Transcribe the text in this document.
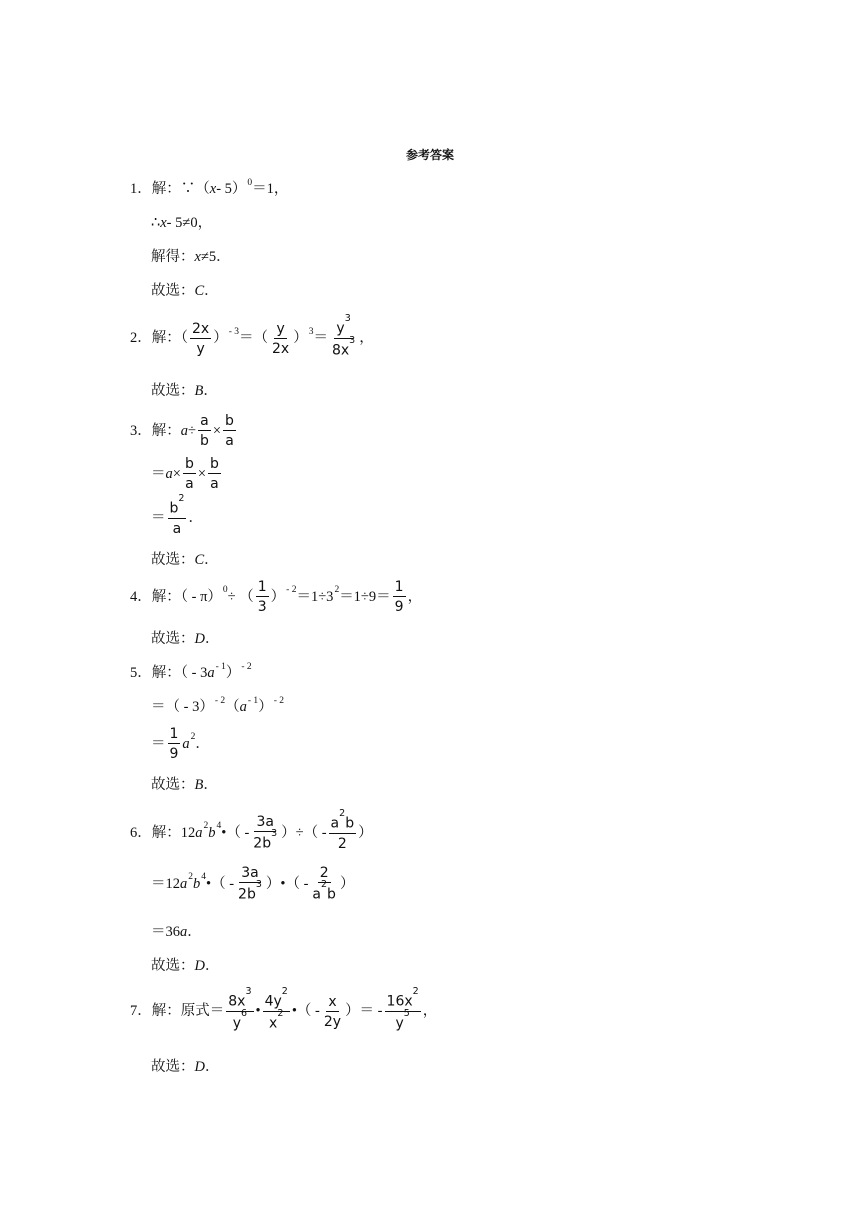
参考答案
1． 解：∵（ x - 5）$^0$ ＝1，
∴ x - 5≠0，
解得： x ≠5．
故选： C ．
2． 解：（ $\frac{2x}{y} )^{- 3}$ ＝（ $\frac{y}{2x} )^3 = \frac{y^3}{8x^3}$ ，
故选： B ．
3． 解： $a \div \frac{a}{b} \times \frac{b}{a}$
＝ $a \times \frac{b}{a} \times \frac{b}{a}$
＝ $\frac{b^2}{a}$ ．
故选： C ．
4． 解：（ - π）$^0$ ÷ （ $\frac{1}{3} )^{- 2} =1\div 3^2 =1\div 9= \frac{1}{9}$ ，
故选： D ．
5． 解：（ - 3 $a^{- 1}$ ）$^{- 2}$
＝（ - 3）$^{- 2}$ （ $a^{- 1}$ ）$^{- 2}$
＝ $\frac{1}{9} a^2$ ．
故选： B ．
6． 解：12 $a^2$ $b^4$ •（ - $\frac{3a}{2b^3}$ ）÷（ - $\frac{a^2b}{2}$ ）
＝12 $a^2$ $b^4$ •（ - $\frac{3a}{2b^3}$ ）•（ - $\frac{2}{a^2b}$ ）
＝36 a ．
故选： D ．
7． 解：原式＝ $\frac{8x^3}{y^6}$ • $\frac{4y^2}{x^2}$ •（ - $\frac{x}{2y}$ ）＝ - $\frac{16x^2}{y^5}$ ，
故选： D ．
